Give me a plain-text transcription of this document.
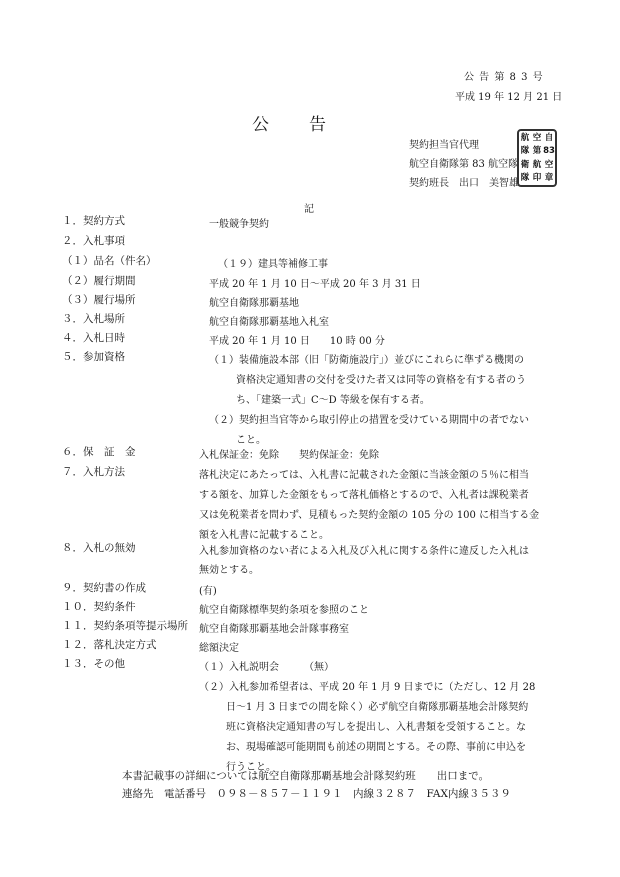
公 告 第 8 3 号
平成 19 年 12 月 21 日
公　　告
契約担当官代理
航空自衛隊第 83 航空隊
契約班長　出口　美智雄
航 空 自
隊 第 83
衛 航 空
隊 印 章
記
１．契約方式	一般競争契約
２．入札事項
（１）品名（件名）	（１９）建具等補修工事
（２）履行期間	平成 20 年 1 月 10 日～平成 20 年 3 月 31 日
（３）履行場所	航空自衛隊那覇基地
３．入札場所	航空自衛隊那覇基地入札室
４．入札日時	平成 20 年 1 月 10 日　　10 時 00 分
５．参加資格	（１）装備施設本部（旧「防衛施設庁」）並びにこれらに準ずる機関の
資格決定通知書の交付を受けた者又は同等の資格を有する者のう
ち、「建築一式」C～D 等級を保有する者。
（２）契約担当官等から取引停止の措置を受けている期間中の者でない
こと。
６．保　証　金	入札保証金：免除　　契約保証金：免除
７．入札方法	落札決定にあたっては、入札書に記載された金額に当該金額の５％に相当
する額を、加算した金額をもって落札価格とするので、入札者は課税業者
又は免税業者を問わず、見積もった契約金額の 105 分の 100 に相当する金
額を入札書に記載すること。
８．入札の無効	入札参加資格のない者による入札及び入札に関する条件に違反した入札は
無効とする。
９．契約書の作成	(有)
１０．契約条件	航空自衛隊標準契約条項を参照のこと
１１．契約条項等提示場所 航空自衛隊那覇基地会計隊事務室
１２．落札決定方式	総額決定
１３．その他	（１）入札説明会　　　（無）
（２）入札参加希望者は、平成 20 年 1 月 9 日までに（ただし、12 月 28
日～1 月 3 日までの間を除く）必ず航空自衛隊那覇基地会計隊契約
班に資格決定通知書の写しを提出し、入札書類を受領すること。な
お、現場確認可能期間も前述の期間とする。その際、事前に申込を
行うこと。
本書記載事の詳細については航空自衛隊那覇基地会計隊契約班　　出口まで。
連絡先　電話番号　０９８－８５７－１１９１　内線３２８７　FAX内線３５３９
